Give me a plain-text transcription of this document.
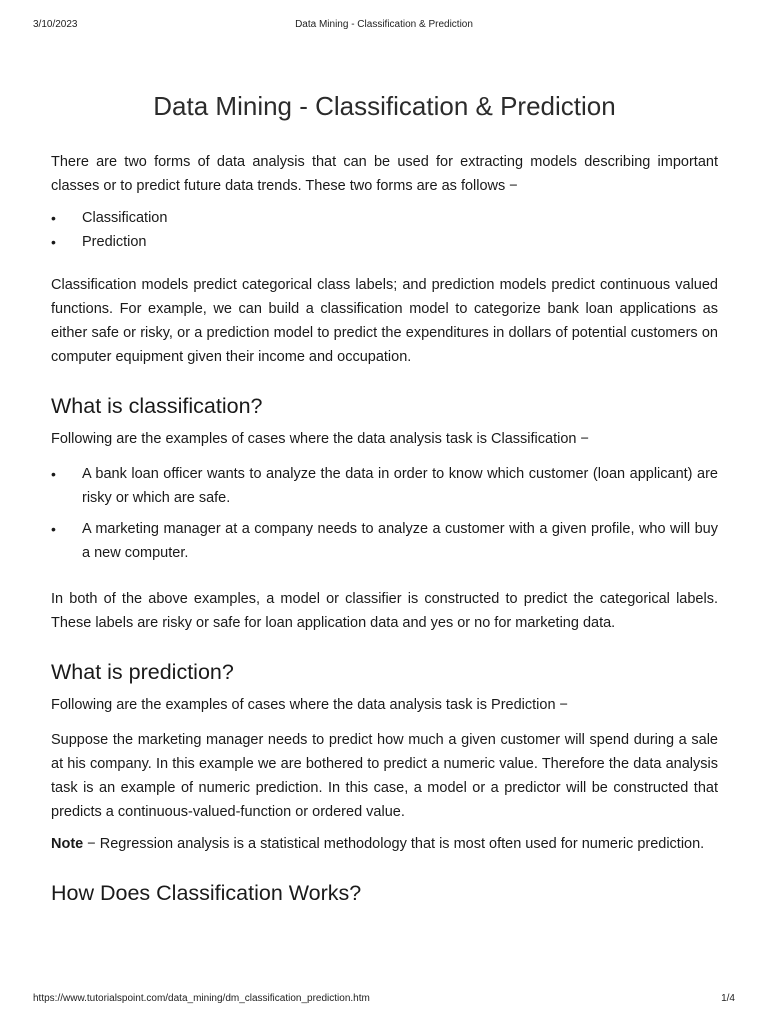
3/10/2023	Data Mining - Classification & Prediction
Data Mining - Classification & Prediction

There are two forms of data analysis that can be used for extracting models describing important classes or to predict future data trends. These two forms are as follows −

• Classification
• Prediction

Classification models predict categorical class labels; and prediction models predict continuous valued functions. For example, we can build a classification model to categorize bank loan applications as either safe or risky, or a prediction model to predict the expenditures in dollars of potential customers on computer equipment given their income and occupation.

What is classification?

Following are the examples of cases where the data analysis task is Classification −

• A bank loan officer wants to analyze the data in order to know which customer (loan applicant) are risky or which are safe.
• A marketing manager at a company needs to analyze a customer with a given profile, who will buy a new computer.

In both of the above examples, a model or classifier is constructed to predict the categorical labels. These labels are risky or safe for loan application data and yes or no for marketing data.

What is prediction?

Following are the examples of cases where the data analysis task is Prediction −

Suppose the marketing manager needs to predict how much a given customer will spend during a sale at his company. In this example we are bothered to predict a numeric value. Therefore the data analysis task is an example of numeric prediction. In this case, a model or a predictor will be constructed that predicts a continuous-valued-function or ordered value.

Note − Regression analysis is a statistical methodology that is most often used for numeric prediction.

How Does Classification Works?
https://www.tutorialspoint.com/data_mining/dm_classification_prediction.htm	1/4
